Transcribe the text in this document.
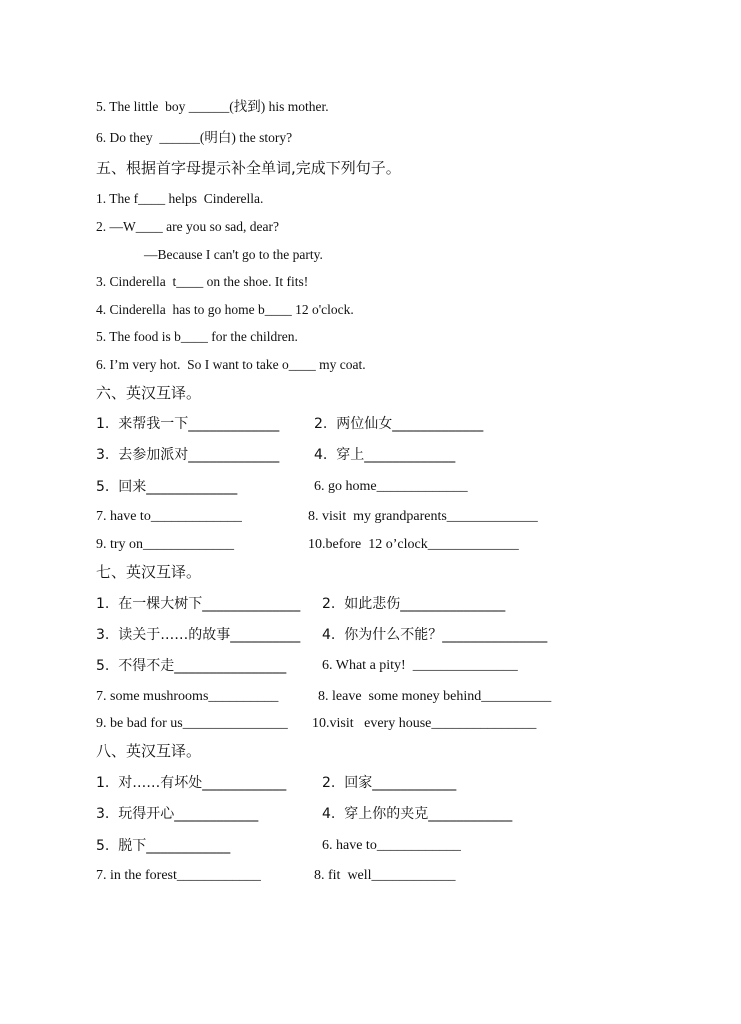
5. The little  boy ______(找到) his mother.
6. Do they  ______(明白) the story?
五、根据首字母提示补全单词,完成下列句子。
1. The f____ helps  Cinderella.
2. —W____ are you so sad, dear?
—Because I can't go to the party.
3. Cinderella  t____ on the shoe. It fits!
4. Cinderella  has to go home b____ 12 o'clock.
5. The food is b____ for the children.
6. I’m very hot.  So I want to take o____ my coat.
六、英汉互译。
1.  来帮我一下_____________ 2.  两位仙女_____________
3.  去参加派对_____________ 4.  穿上_____________
5.  回来_____________	6. go home_____________
7. have to_____________	8. visit  my grandparents_____________
9. try on_____________	10.before  12 o’clock_____________
七、英汉互译。
1.  在一棵大树下______________ 2.  如此悲伤_______________
3.  读关于……的故事__________ 4.  你为什么不能？_______________
5.  不得不走________________	6. What a pity!  _______________
7. some mushrooms__________	8. leave  some money behind__________
9. be bad for us_______________ 10.visit   every house_______________
八、英汉互译。
1.  对……有坏处____________	2.  回家____________
3.  玩得开心____________	4.  穿上你的夹克____________
5.  脱下____________	6. have to____________
7. in the forest____________	8. fit  well____________
